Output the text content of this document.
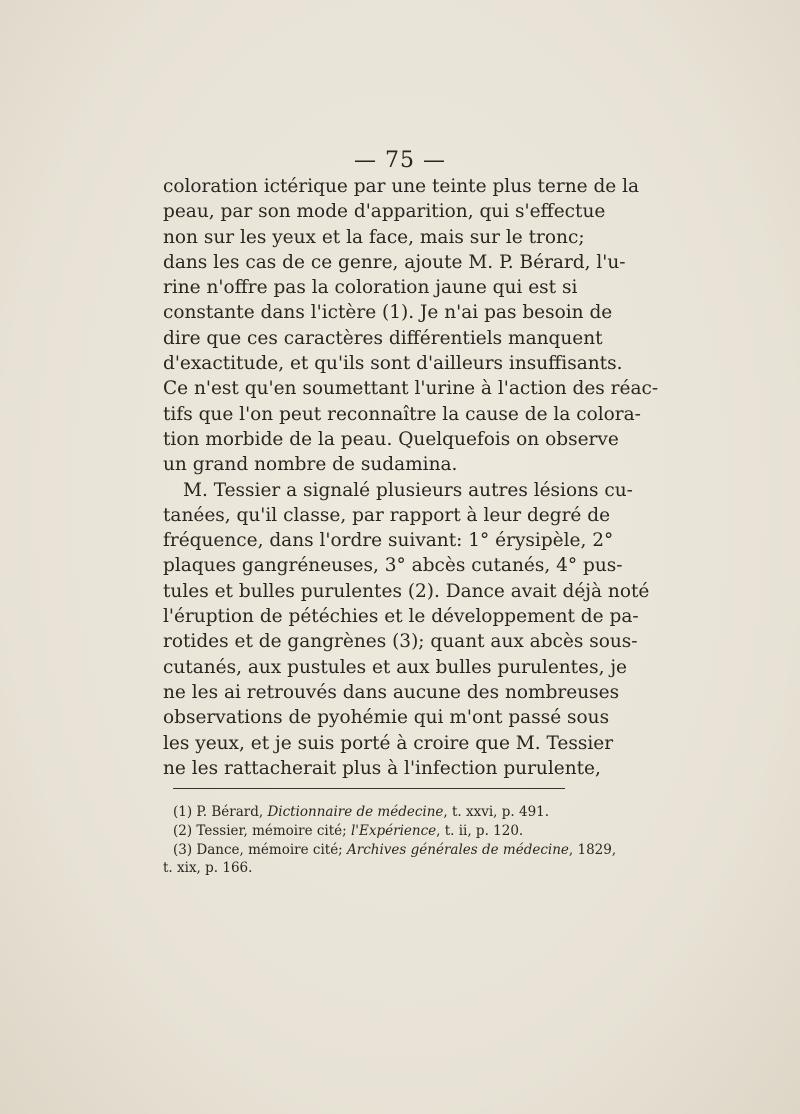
— 75 —
coloration ictérique par une teinte plus terne de la
peau, par son mode d'apparition, qui s'effectue
non sur les yeux et la face, mais sur le tronc;
dans les cas de ce genre, ajoute M. P. Bérard, l'u-
rine n'offre pas la coloration jaune qui est si
constante dans l'ictère (1). Je n'ai pas besoin de
dire que ces caractères différentiels manquent
d'exactitude, et qu'ils sont d'ailleurs insuffisants.
Ce n'est qu'en soumettant l'urine à l'action des réac-
tifs que l'on peut reconnaître la cause de la colora-
tion morbide de la peau. Quelquefois on observe
un grand nombre de sudamina.
M. Tessier a signalé plusieurs autres lésions cu-
tanées, qu'il classe, par rapport à leur degré de
fréquence, dans l'ordre suivant: 1° érysipèle, 2°
plaques gangréneuses, 3° abcès cutanés, 4° pus-
tules et bulles purulentes (2). Dance avait déjà noté
l'éruption de pétéchies et le développement de pa-
rotides et de gangrènes (3); quant aux abcès sous-
cutanés, aux pustules et aux bulles purulentes, je
ne les ai retrouvés dans aucune des nombreuses
observations de pyohémie qui m'ont passé sous
les yeux, et je suis porté à croire que M. Tessier
ne les rattacherait plus à l'infection purulente,
(1) P. Bérard, Dictionnaire de médecine, t. xxvi, p. 491.
(2) Tessier, mémoire cité; l'Expérience, t. ii, p. 120.
(3) Dance, mémoire cité; Archives générales de médecine, 1829,
t. xix, p. 166.
